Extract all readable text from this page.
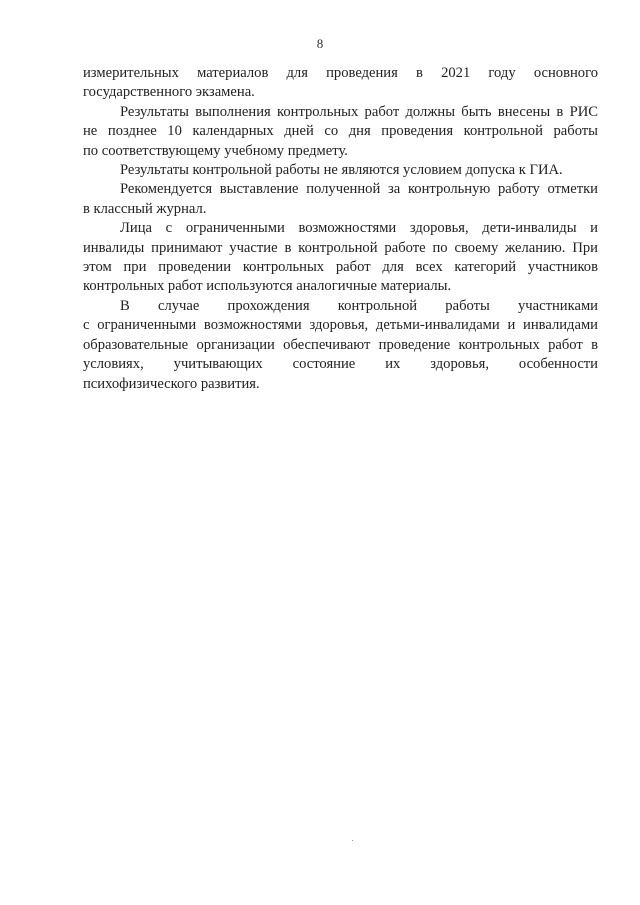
8

измерительных материалов для проведения в 2021 году основного
государственного экзамена.

Результаты выполнения контрольных работ должны быть внесены в РИС
не позднее 10 календарных дней со дня проведения контрольной работы
по соответствующему учебному предмету.

Результаты контрольной работы не являются условием допуска к ГИА.

Рекомендуется выставление полученной за контрольную работу отметки
в классный журнал.

Лица с ограниченными возможностями здоровья, дети-инвалиды и
инвалиды принимают участие в контрольной работе по своему желанию. При
этом при проведении контрольных работ для всех категорий участников
контрольных работ используются аналогичные материалы.

В случае прохождения контрольной работы участниками
с ограниченными возможностями здоровья, детьми-инвалидами и инвалидами
образовательные организации обеспечивают проведение контрольных работ в
условиях, учитывающих состояние их здоровья, особенности
психофизического развития.
